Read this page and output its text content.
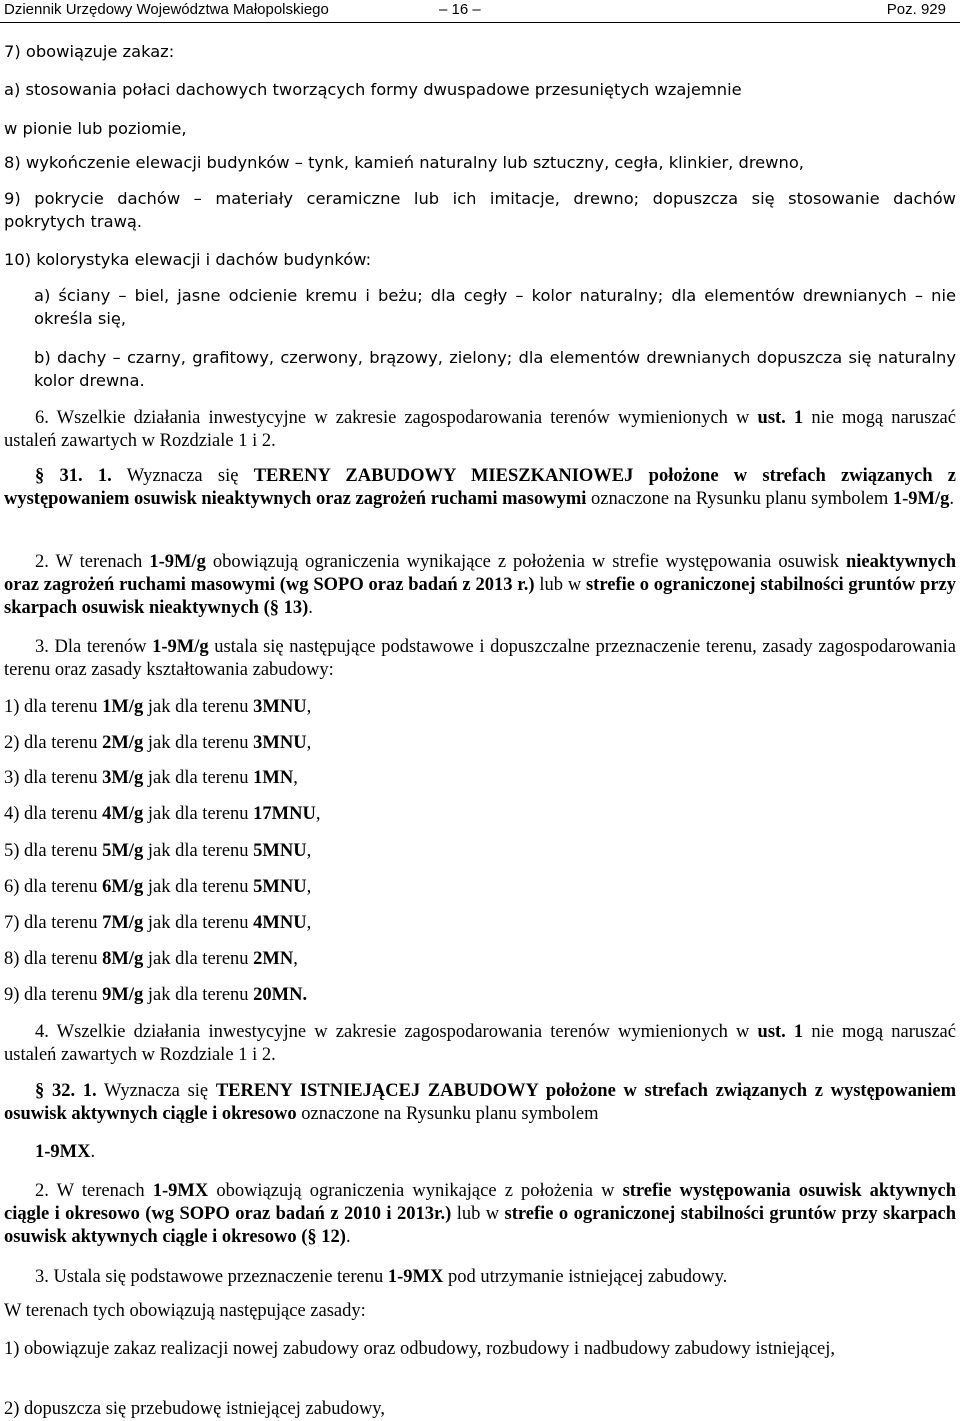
Dziennik Urzędowy Województwa Małopolskiego	– 16 –	Poz. 929
7) obowiązuje zakaz:
a) stosowania połaci dachowych tworzących formy dwuspadowe przesuniętych wzajemnie
w pionie lub poziomie,
8) wykończenie elewacji budynków – tynk, kamień naturalny lub sztuczny, cegła, klinkier, drewno,
9) pokrycie dachów – materiały ceramiczne lub ich imitacje, drewno; dopuszcza się stosowanie dachów
pokrytych trawą.
10) kolorystyka elewacji i dachów budynków:
a) ściany – biel, jasne odcienie kremu i beżu; dla cegły – kolor naturalny; dla elementów drewnianych – nie określa się,
b) dachy – czarny, grafitowy, czerwony, brązowy, zielony; dla elementów drewnianych dopuszcza się naturalny kolor drewna.
6. Wszelkie działania inwestycyjne w zakresie zagospodarowania terenów wymienionych w ust. 1 nie mogą naruszać ustaleń zawartych w Rozdziale 1 i 2.
§ 31. 1. Wyznacza się TERENY ZABUDOWY MIESZKANIOWEJ położone w strefach związanych z występowaniem osuwisk nieaktywnych oraz zagrożeń ruchami masowymi oznaczone na Rysunku planu symbolem 1-9M/g.
2. W terenach 1-9M/g obowiązują ograniczenia wynikające z położenia w strefie występowania osuwisk nieaktywnych oraz zagrożeń ruchami masowymi (wg SOPO oraz badań z 2013 r.) lub w strefie o ograniczonej stabilności gruntów przy skarpach osuwisk nieaktywnych (§ 13).
3. Dla terenów 1-9M/g ustala się następujące podstawowe i dopuszczalne przeznaczenie terenu, zasady zagospodarowania terenu oraz zasady kształtowania zabudowy:
1) dla terenu 1M/g jak dla terenu 3MNU,
2) dla terenu 2M/g jak dla terenu 3MNU,
3) dla terenu 3M/g jak dla terenu 1MN,
4) dla terenu 4M/g jak dla terenu 17MNU,
5) dla terenu 5M/g jak dla terenu 5MNU,
6) dla terenu 6M/g jak dla terenu 5MNU,
7) dla terenu 7M/g jak dla terenu 4MNU,
8) dla terenu 8M/g jak dla terenu 2MN,
9) dla terenu 9M/g jak dla terenu 20MN.
4. Wszelkie działania inwestycyjne w zakresie zagospodarowania terenów wymienionych w ust. 1 nie mogą naruszać ustaleń zawartych w Rozdziale 1 i 2.
§ 32. 1. Wyznacza się TERENY ISTNIEJĄCEJ ZABUDOWY położone w strefach związanych z występowaniem osuwisk aktywnych ciągle i okresowo oznaczone na Rysunku planu symbolem
1-9MX.
2. W terenach 1-9MX obowiązują ograniczenia wynikające z położenia w strefie występowania osuwisk aktywnych ciągle i okresowo (wg SOPO oraz badań z 2010 i 2013r.) lub w strefie o ograniczonej stabilności gruntów przy skarpach osuwisk aktywnych ciągle i okresowo (§ 12).
3. Ustala się podstawowe przeznaczenie terenu 1-9MX pod utrzymanie istniejącej zabudowy.
W terenach tych obowiązują następujące zasady:
1) obowiązuje zakaz realizacji nowej zabudowy oraz odbudowy, rozbudowy i nadbudowy zabudowy istniejącej,
2) dopuszcza się przebudowę istniejącej zabudowy,
